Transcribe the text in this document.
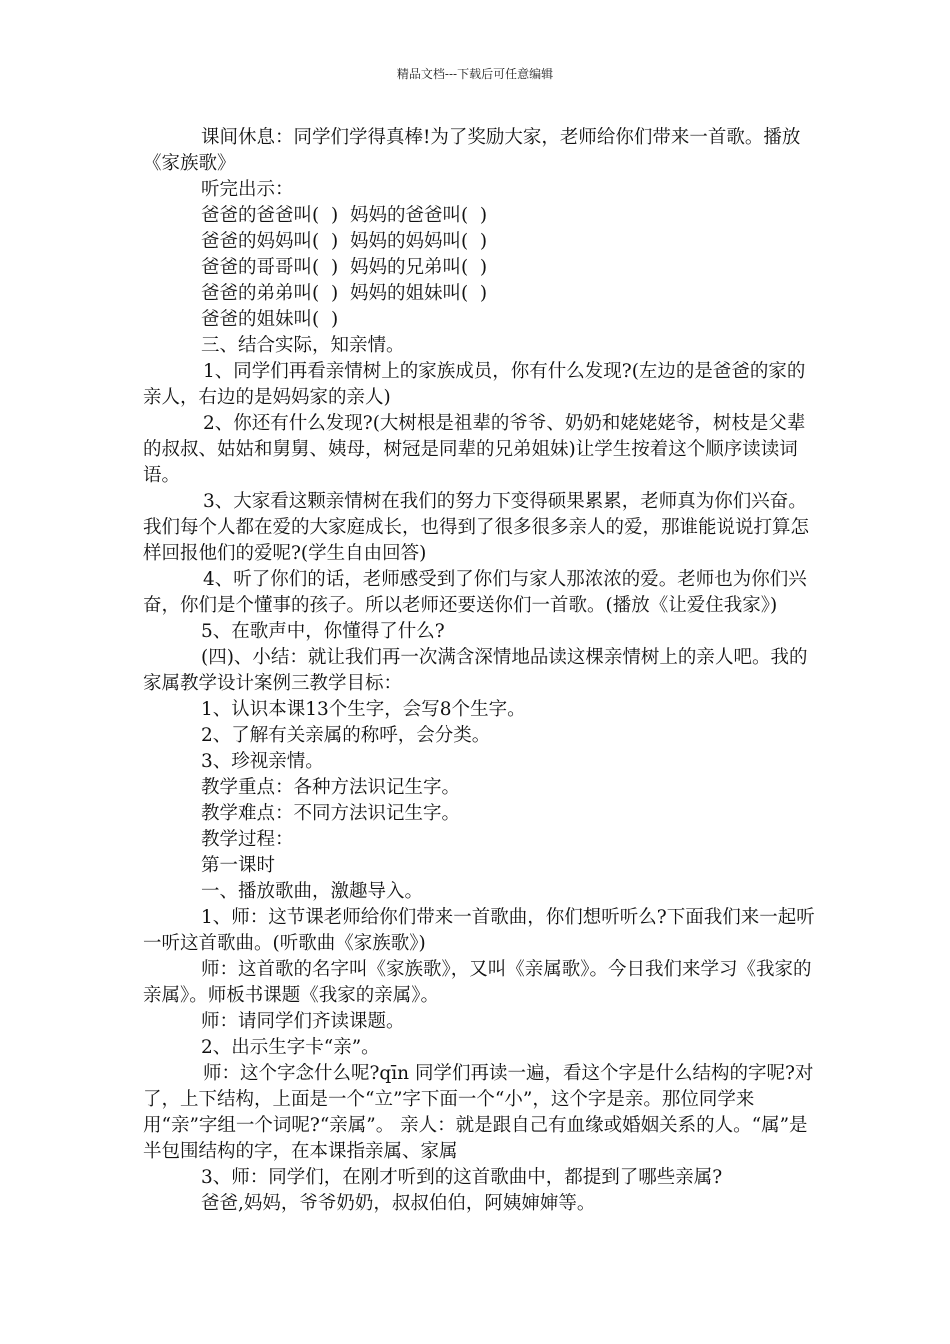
精品文档---下载后可任意编辑

课间休息：同学们学得真棒!为了奖励大家，老师给你们带来一首歌。播放《家族歌》

听完出示：

爸爸的爸爸叫(  )  妈妈的爸爸叫(  )

爸爸的妈妈叫(  )  妈妈的妈妈叫(  )

爸爸的哥哥叫(  )  妈妈的兄弟叫(  )

爸爸的弟弟叫(  )  妈妈的姐妹叫(  )

爸爸的姐妹叫(  )

三、结合实际，知亲情。

1、同学们再看亲情树上的家族成员，你有什么发现?(左边的是爸爸的家的亲人，右边的是妈妈家的亲人)

2、你还有什么发现?(大树根是祖辈的爷爷、奶奶和姥姥姥爷，树枝是父辈的叔叔、姑姑和舅舅、姨母，树冠是同辈的兄弟姐妹)让学生按着这个顺序读读词语。

3、大家看这颗亲情树在我们的努力下变得硕果累累，老师真为你们兴奋。我们每个人都在爱的大家庭成长，也得到了很多很多亲人的爱，那谁能说说打算怎样回报他们的爱呢?(学生自由回答)

4、听了你们的话，老师感受到了你们与家人那浓浓的爱。老师也为你们兴奋，你们是个懂事的孩子。所以老师还要送你们一首歌。(播放《让爱住我家》)

5、在歌声中，你懂得了什么?

(四)、小结：就让我们再一次满含深情地品读这棵亲情树上的亲人吧。我的家属教学设计案例三教学目标：

1、认识本课13个生字，会写8个生字。

2、了解有关亲属的称呼，会分类。

3、珍视亲情。

教学重点：各种方法识记生字。

教学难点：不同方法识记生字。

教学过程：

第一课时

一、播放歌曲，激趣导入。

1、师：这节课老师给你们带来一首歌曲，你们想听听么?下面我们来一起听一听这首歌曲。(听歌曲《家族歌》)

师：这首歌的名字叫《家族歌》，又叫《亲属歌》。今日我们来学习《我家的亲属》。师板书课题《我家的亲属》。

师：请同学们齐读课题。

2、出示生字卡“亲”。

师：这个字念什么呢?qīn 同学们再读一遍，看这个字是什么结构的字呢?对了，上下结构，上面是一个“立”字下面一个“小”，这个字是亲。那位同学来用“亲”字组一个词呢?“亲属”。 亲人：就是跟自己有血缘或婚姻关系的人。“属”是半包围结构的字，在本课指亲属、家属

3、师：同学们，在刚才听到的这首歌曲中，都提到了哪些亲属?

爸爸,妈妈，爷爷奶奶，叔叔伯伯，阿姨婶婶等。
